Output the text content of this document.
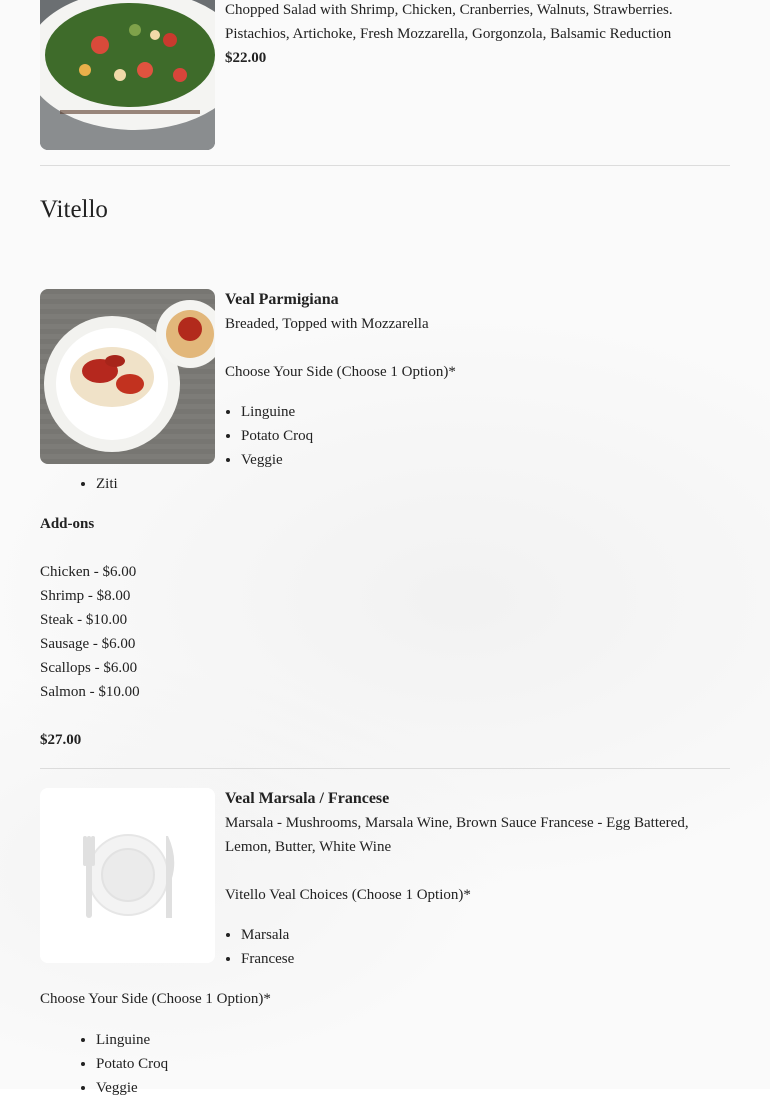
Chopped Salad with Shrimp, Chicken, Cranberries, Walnuts, Strawberries. Pistachios, Artichoke, Fresh Mozzarella, Gorgonzola, Balsamic Reduction
$22.00
Vitello
Veal Parmigiana
Breaded, Topped with Mozzarella
Choose Your Side (Choose 1 Option)*
• Linguine
• Potato Croq
• Veggie
• Ziti
Add-ons
Chicken - $6.00
Shrimp - $8.00
Steak - $10.00
Sausage - $6.00
Scallops - $6.00
Salmon - $10.00
$27.00
Veal Marsala / Francese
Marsala - Mushrooms, Marsala Wine, Brown Sauce Francese - Egg Battered, Lemon, Butter, White Wine
Vitello Veal Choices (Choose 1 Option)*
• Marsala
• Francese
Choose Your Side (Choose 1 Option)*
• Linguine
• Potato Croq
• Veggie
